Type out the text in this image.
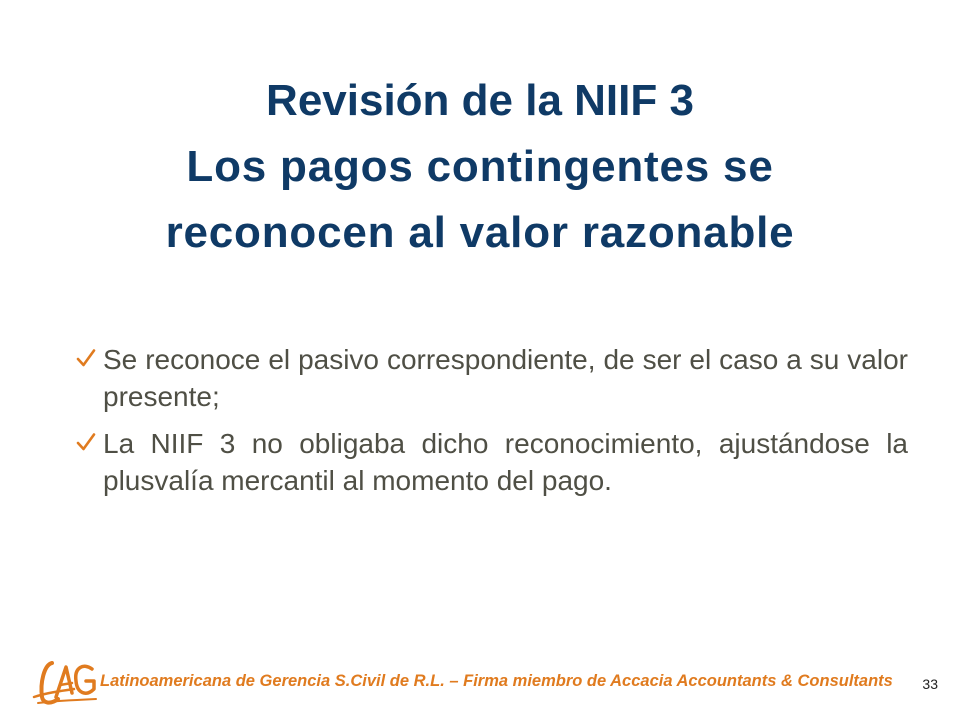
Revisión de la NIIF 3
Los pagos contingentes se
reconocen al valor razonable
Se reconoce el pasivo correspondiente, de ser el caso a su valor presente;
La NIIF 3 no obligaba dicho reconocimiento, ajustándose la plusvalía mercantil al momento del pago.
Latinoamericana de Gerencia S.Civil de R.L. – Firma miembro de Accacia Accountants & Consultants 33
